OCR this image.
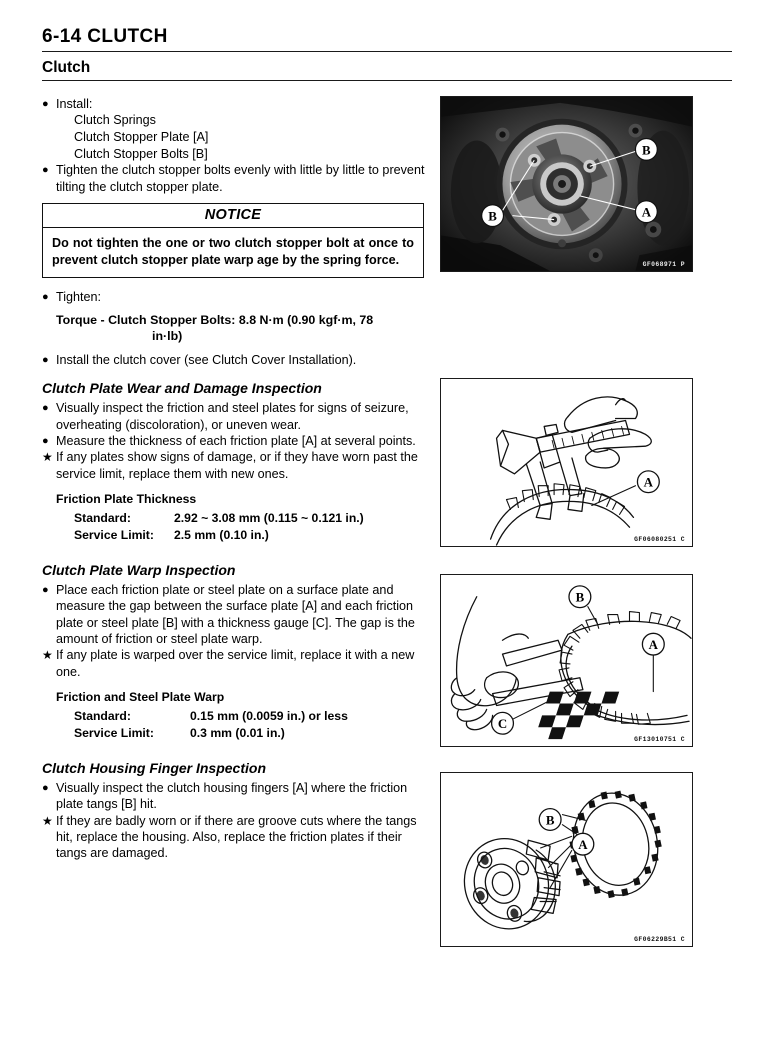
6-14 CLUTCH
Clutch
● Install:
Clutch Springs
Clutch Stopper Plate [A]
Clutch Stopper Bolts [B]
● Tighten the clutch stopper bolts evenly with little by little to prevent tilting the clutch stopper plate.
NOTICE
Do not tighten the one or two clutch stopper bolt at once to prevent clutch stopper plate warp age by the spring force.
● Tighten:
Torque - Clutch Stopper Bolts: 8.8 N·m (0.90 kgf·m, 78
in·lb)
● Install the clutch cover (see Clutch Cover Installation).
Clutch Plate Wear and Damage Inspection
● Visually inspect the friction and steel plates for signs of seizure, overheating (discoloration), or uneven wear.
● Measure the thickness of each friction plate [A] at several points.
★ If any plates show signs of damage, or if they have worn past the service limit, replace them with new ones.
Friction Plate Thickness
Standard:	2.92 ~ 3.08 mm (0.115 ~ 0.121 in.)
Service Limit:	2.5 mm (0.10 in.)
Clutch Plate Warp Inspection
● Place each friction plate or steel plate on a surface plate and measure the gap between the surface plate [A] and each friction plate or steel plate [B] with a thickness gauge [C]. The gap is the amount of friction or steel plate warp.
★ If any plate is warped over the service limit, replace it with a new one.
Friction and Steel Plate Warp
Standard:	0.15 mm (0.0059 in.) or less
Service Limit:	0.3 mm (0.01 in.)
Clutch Housing Finger Inspection
● Visually inspect the clutch housing fingers [A] where the friction plate tangs [B] hit.
★ If they are badly worn or if there are groove cuts where the tangs hit, replace the housing. Also, replace the friction plates if their tangs are damaged.
B
B	A
GF068971 P
A
GF06080251 C
B
A
C
GF13010751 C
B
A
GF06229B51 C
